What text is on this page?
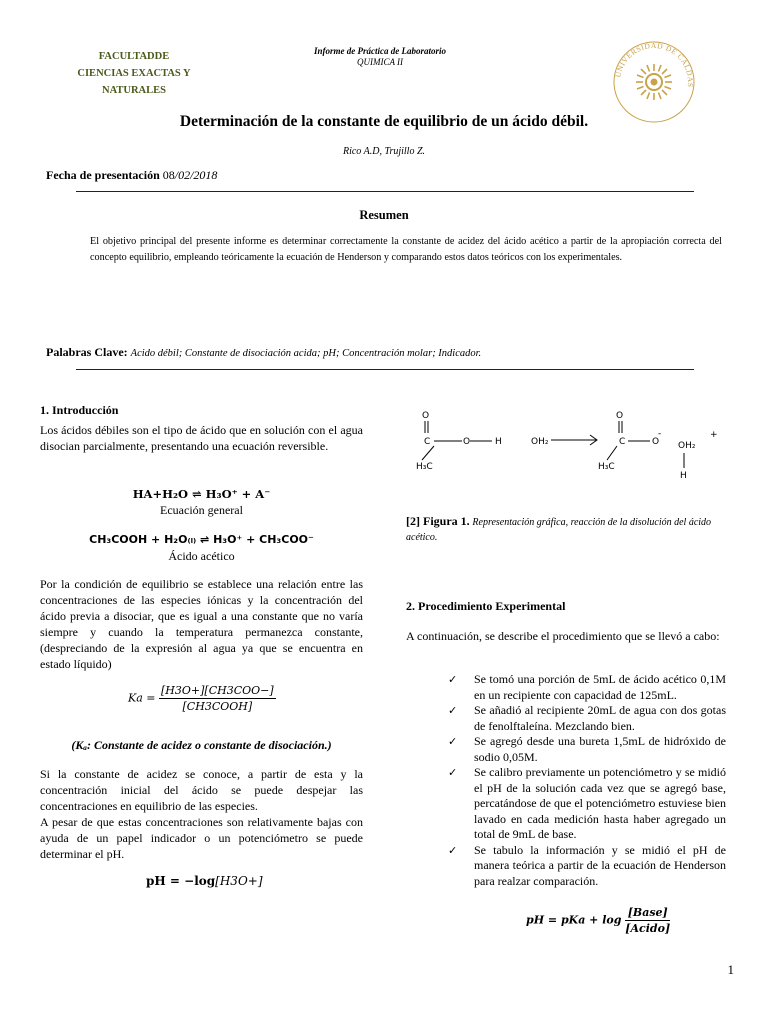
FACULTADDE
CIENCIAS EXACTAS Y
NATURALES
Informe de Práctica de Laboratorio
QUIMICA II
UNIVERSIDAD DE CALDAS
Determinación de la constante de equilibrio de un ácido débil.
Rico A.D, Trujillo Z.
Fecha de presentación 08/02/2018
Resumen
El objetivo principal del presente informe es determinar correctamente la constante de acidez del ácido acético a partir de la apropiación correcta del concepto equilibrio, empleando teóricamente la ecuación de Henderson y comparando estos datos teóricos con los experimentales.
Palabras Clave: Acido débil; Constante de disociación acida; pH; Concentración molar; Indicador.
1. Introducción
Los ácidos débiles son el tipo de ácido que en solución con el agua disocian parcialmente, presentando una ecuación reversible.
HA+H₂O ⇌ H₃O⁺ + A⁻
Ecuación general
CH₃COOH + H₂O₍ₗ₎ ⇌ H₃O⁺ + CH₃COO⁻
Ácido acético
Por la condición de equilibrio se establece una relación entre las concentraciones de las especies iónicas y la concentración del ácido previa a disociar, que es igual a una constante que no varía siempre y cuando la temperatura permanezca constante, (despreciando de la expresión al agua ya que se encuentra en estado líquido)
$Ka = \frac{\text{[H3O+][CH3COO−]}}{\text{[CH3COOH]}}$
(Kₐ: Constante de acidez o constante de disociación.)
Si la constante de acidez se conoce, a partir de esta y la concentración inicial del ácido se puede despejar las concentraciones en equilibrio de las especies.
A pesar de que estas concentraciones son relativamente bajas con ayuda de un papel indicador o un potenciómetro se puede determinar el pH.
pH = −log[H3O+]
O
C	O	H
H₃C
OH₂
O
C	O
-
H₃C
OH₂
+
H
[2] Figura 1. Representación gráfica, reacción de la disolución del ácido acético.
2. Procedimiento Experimental
A continuación, se describe el procedimiento que se llevó a cabo:
✓ Se tomó una porción de 5mL de ácido acético 0,1M en un recipiente con capacidad de 125mL.
✓ Se añadió al recipiente 20mL de agua con dos gotas de fenolftaleína. Mezclando bien.
✓ Se agregó desde una bureta 1,5mL de hidróxido de sodio 0,05M.
✓ Se calibro previamente un potenciómetro y se midió el pH de la solución cada vez que se agregó base, percatándose de que el potenciómetro estuviese bien lavado en cada medición hasta haber agregado un total de 9mL de base.
✓ Se tabulo la información y se midió el pH de manera teórica a partir de la ecuación de Henderson para realzar comparación.
pH = pKa + $\log \frac{\text{[Base]}}{\text{[Acido]}}$
1
